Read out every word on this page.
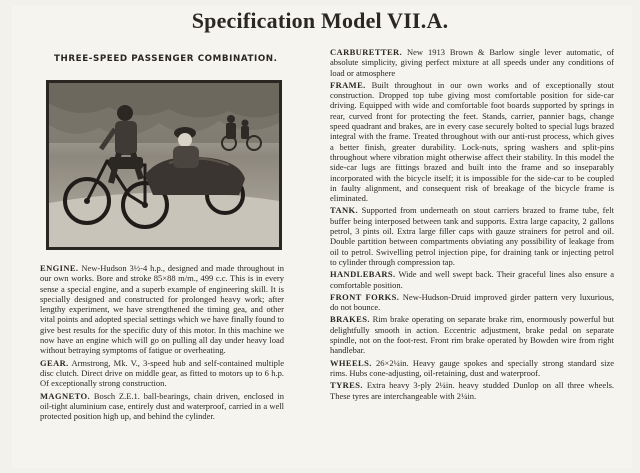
Specification Model VII.A.
THREE-SPEED PASSENGER COMBINATION.

ENGINE. New-Hudson 3½-4 h.p., designed and made throughout in our own works. Bore and stroke 85×88 m/m., 499 c.c. This is in every sense a special engine, and a superb example of engineering skill. It is specially designed and constructed for prolonged heavy work; after lengthy experiment, we have strengthened the timing gea, and other vital points and adopted special settings which we have finally found to give best results for the specific duty of this motor. In this machine we now have an engine which will go on pulling all day under heavy load without betraying symptoms of fatigue or overheating.

GEAR. Armstrong, Mk. V., 3-speed hub and self-contained multiple disc clutch. Direct drive on middle gear, as fitted to motors up to 6 h.p. Of exceptionally strong construction.

MAGNETO. Bosch Z.E.1. ball-bearings, chain driven, enclosed in oil-tight aluminium case, entirely dust and waterproof, carried in a well protected position high up, and behind the cylinder.

CARBURETTER. New 1913 Brown & Barlow single lever automatic, of absolute simplicity, giving perfect mixture at all speeds under any conditions of load or atmosphere

FRAME. Built throughout in our own works and of exceptionally stout construction. Dropped top tube giving most comfortable position for side-car driving. Equipped with wide and comfortable foot boards supported by springs in rear, curved front for protecting the feet. Stands, carrier, pannier bags, change speed quadrant and brakes, are in every case securely bolted to special lugs brazed integral with the frame. Treated throughout with our anti-rust process, which gives a better finish, greater durability. Lock-nuts, spring washers and split-pins throughout where vibration might otherwise affect their stability. In this model the side-car lugs are fittings brazed and built into the frame and so inseparably incorporated with the bicycle itself; it is impossible for the side-car to be coupled in faulty alignment, and consequent risk of breakage of the bicycle frame is eliminated.

TANK. Supported from underneath on stout carriers brazed to frame tube, felt buffer being interposed between tank and supports. Extra large capacity, 2 gallons petrol, 3 pints oil. Extra large filler caps with gauze strainers for petrol and oil. Double partition between compartments obviating any possibility of leakage from oil to petrol. Swivelling petrol injection pipe, for draining tank or injecting petrol to cylinder through compression tap.

HANDLEBARS. Wide and well swept back. Their graceful lines also ensure a comfortable position.

FRONT FORKS. New-Hudson-Druid improved girder pattern very luxurious, do not bounce.

BRAKES. Rim brake operating on separate brake rim, enormously powerful but delightfully smooth in action. Eccentric adjustment, brake pedal on separate spindle, not on the foot-rest. Front rim brake operated by Bowden wire from right handlebar.

WHEELS. 26×2¼in. Heavy gauge spokes and specially strong standard size rims. Hubs cone-adjusting, oil-retaining, dust and waterproof.

TYRES. Extra heavy 3-ply 2¼in. heavy studded Dunlop on all three wheels. These tyres are interchangeable with 2¼in.
